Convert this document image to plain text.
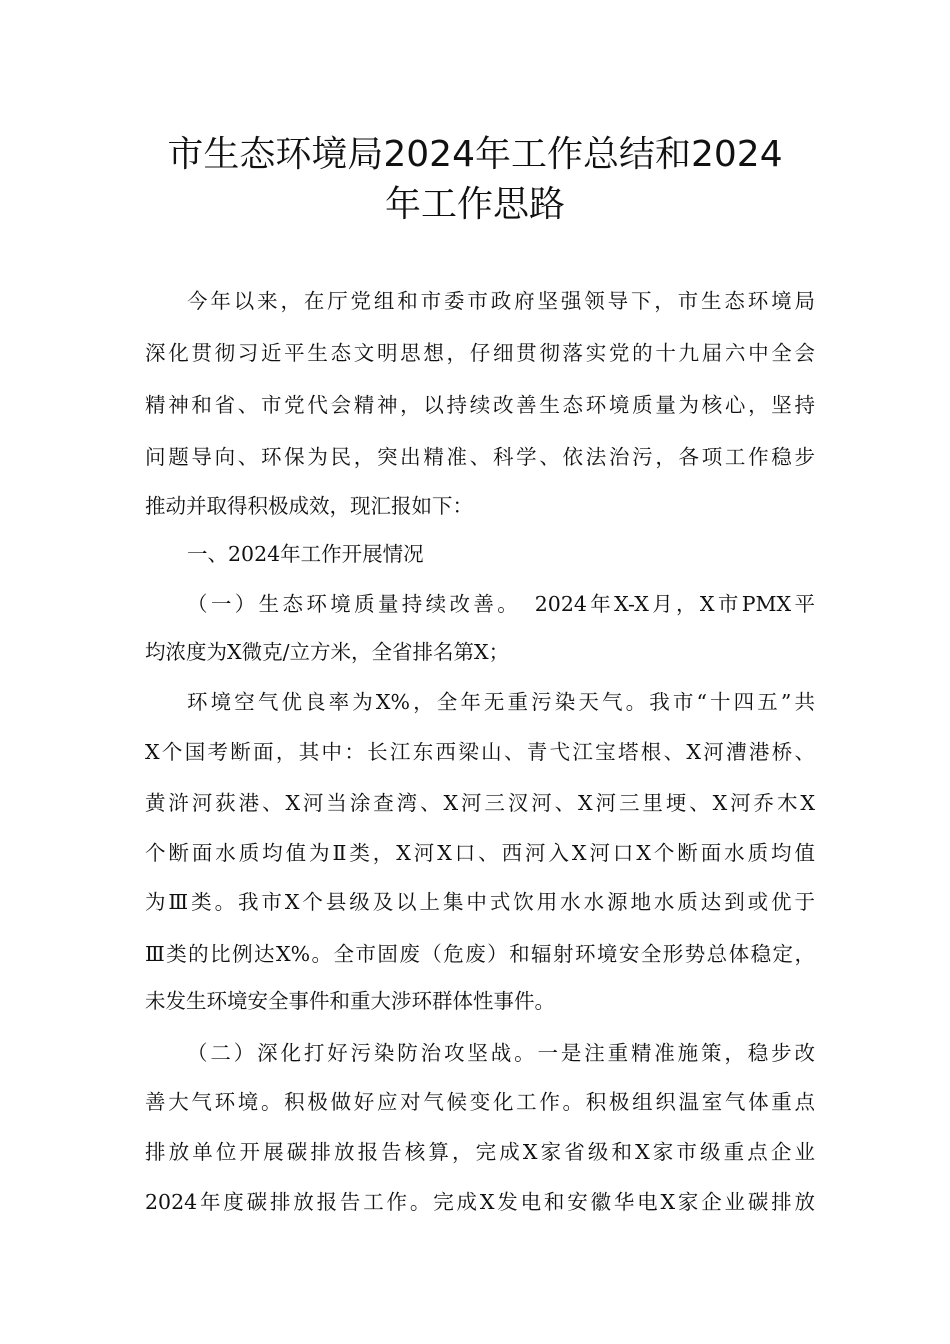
市生态环境局2024年工作总结和2024
年工作思路
今年以来，在厅党组和市委市政府坚强领导下，市生态环境局
深化贯彻习近平生态文明思想，仔细贯彻落实党的十九届六中全会
精神和省、市党代会精神，以持续改善生态环境质量为核心，坚持
问题导向、环保为民，突出精准、科学、依法治污，各项工作稳步
推动并取得积极成效，现汇报如下：
一、2024年工作开展情况
（一）生态环境质量持续改善。　2024年X-X月，X市PMX平
均浓度为X微克/立方米，全省排名第X；
环境空气优良率为X%，全年无重污染天气。我市“十四五”共
X个国考断面，其中：长江东西梁山、青弋江宝塔根、X河漕港桥、
黄浒河荻港、X河当涂查湾、X河三汊河、X河三里埂、X河乔木X
个断面水质均值为Ⅱ类，X河X口、西河入X河口X个断面水质均值
为Ⅲ类。我市X个县级及以上集中式饮用水水源地水质达到或优于
Ⅲ类的比例达X%。全市固废（危废）和辐射环境安全形势总体稳定，
未发生环境安全事件和重大涉环群体性事件。
（二）深化打好污染防治攻坚战。一是注重精准施策，稳步改
善大气环境。积极做好应对气候变化工作。积极组织温室气体重点
排放单位开展碳排放报告核算，完成X家省级和X家市级重点企业
2024年度碳排放报告工作。完成X发电和安徽华电X家企业碳排放
